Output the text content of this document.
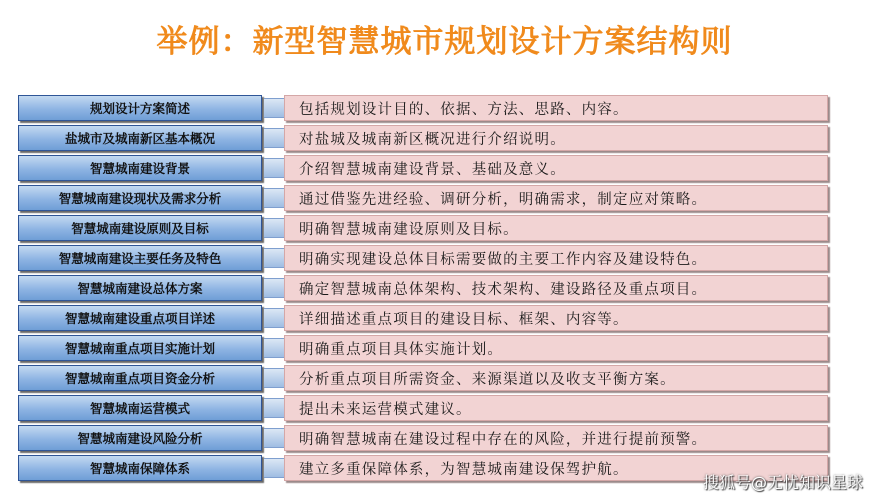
举例：新型智慧城市规划设计方案结构则
规划设计方案简述	包括规划设计目的、依据、方法、思路、内容。
盐城市及城南新区基本概况	对盐城及城南新区概况进行介绍说明。
智慧城南建设背景	介绍智慧城南建设背景、基础及意义。
智慧城南建设现状及需求分析	通过借鉴先进经验、调研分析，明确需求，制定应对策略。
智慧城南建设原则及目标	明确智慧城南建设原则及目标。
智慧城南建设主要任务及特色	明确实现建设总体目标需要做的主要工作内容及建设特色。
智慧城南建设总体方案	确定智慧城南总体架构、技术架构、建设路径及重点项目。
智慧城南建设重点项目详述	详细描述重点项目的建设目标、框架、内容等。
智慧城南重点项目实施计划	明确重点项目具体实施计划。
智慧城南重点项目资金分析	分析重点项目所需资金、来源渠道以及收支平衡方案。
智慧城南运营模式	提出未来运营模式建议。
智慧城南建设风险分析	明确智慧城南在建设过程中存在的风险，并进行提前预警。
智慧城南保障体系	建立多重保障体系，为智慧城南建设保驾护航。
搜狐号@无忧知识星球
